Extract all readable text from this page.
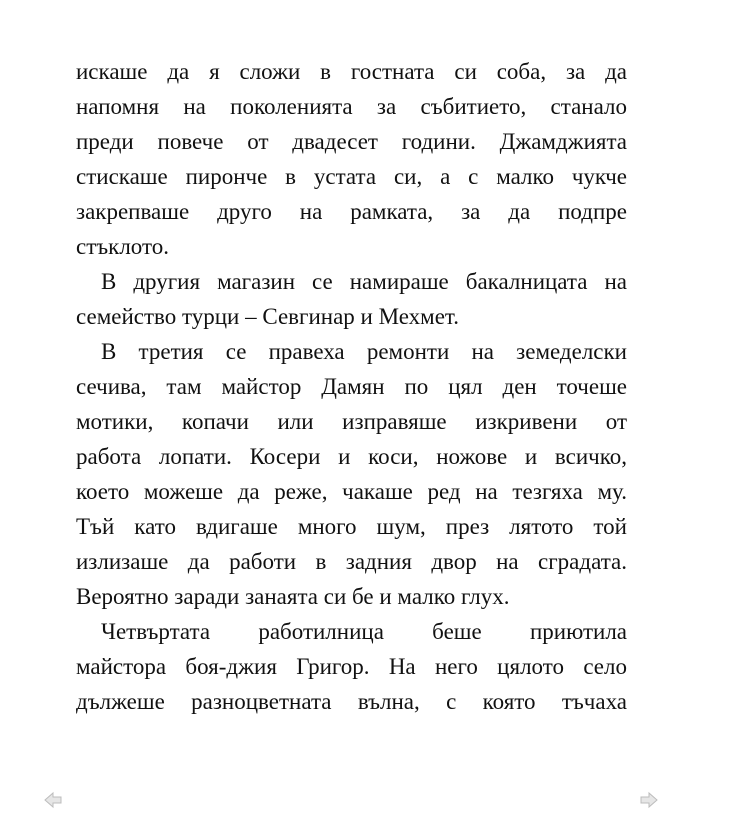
искаше да я сложи в гостната си соба, за да
напомня на поколенията за събитието, станало
преди повече от двадесет години. Джамджията
стискаше пиронче в устата си, а с малко чукче
закрепваше друго на рамката, за да подпре
стъклото.
В другия магазин се намираше бакалницата на
семейство турци – Севгинар и Мехмет.
В третия се правеха ремонти на земеделски
сечива, там майстор Дамян по цял ден точеше
мотики, копачи или изправяше изкривени от
работа лопати. Косери и коси, ножове и всичко,
което можеше да реже, чакаше ред на тезгяха му.
Тъй като вдигаше много шум, през лятото той
излизаше да работи в задния двор на сградата.
Вероятно заради занаята си бе и малко глух.
Четвъртата работилница беше приютила
майстора боя-джия Григор. На него цялото село
дължеше разноцветната вълна, с която тъчаха
